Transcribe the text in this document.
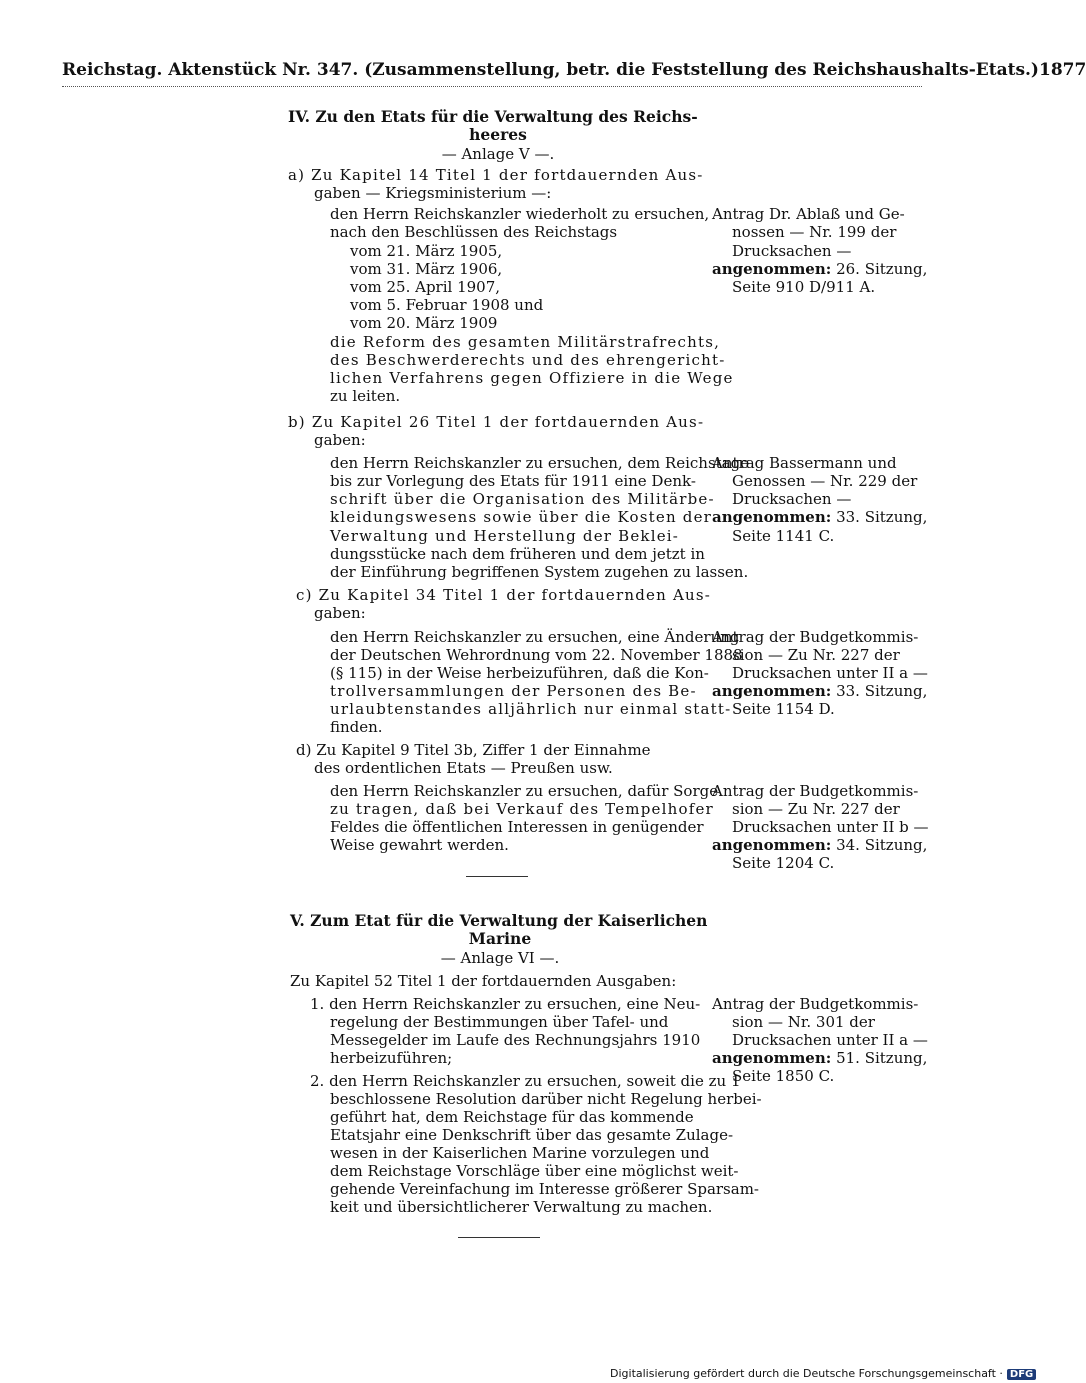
Reichstag. Aktenstück Nr. 347. (Zusammenstellung, betr. die Feststellung des Reichshaushalts-Etats.) 1877
IV. Zu den Etats für die Verwaltung des Reichs-
heeres
— Anlage V —.
a) Zu Kapitel 14 Titel 1 der fortdauernden Aus-
gaben — Kriegsministerium —:
den Herrn Reichskanzler wiederholt zu ersuchen,
nach den Beschlüssen des Reichstags
vom 21. März 1905,
vom 31. März 1906,
vom 25. April 1907,
vom 5. Februar 1908 und
vom 20. März 1909
die Reform des gesamten Militärstrafrechts,
des Beschwerderechts und des ehrengericht-
lichen Verfahrens gegen Offiziere in die Wege
zu leiten.
Antrag Dr. Ablaß und Ge-
nossen — Nr. 199 der
Drucksachen —
angenommen: 26. Sitzung,
Seite 910 D/911 A.
b) Zu Kapitel 26 Titel 1 der fortdauernden Aus-
gaben:
den Herrn Reichskanzler zu ersuchen, dem Reichstage
bis zur Vorlegung des Etats für 1911 eine Denk-
schrift über die Organisation des Militärbe-
kleidungswesens sowie über die Kosten der
Verwaltung und Herstellung der Beklei-
dungsstücke nach dem früheren und dem jetzt in
der Einführung begriffenen System zugehen zu lassen.
Antrag Bassermann und
Genossen — Nr. 229 der
Drucksachen —
angenommen: 33. Sitzung,
Seite 1141 C.
c) Zu Kapitel 34 Titel 1 der fortdauernden Aus-
gaben:
den Herrn Reichskanzler zu ersuchen, eine Änderung
der Deutschen Wehrordnung vom 22. November 1888
(§ 115) in der Weise herbeizuführen, daß die Kon-
trollversammlungen der Personen des Be-
urlaubtenstandes alljährlich nur einmal statt-
finden.
Antrag der Budgetkommis-
sion — Zu Nr. 227 der
Drucksachen unter II a —
angenommen: 33. Sitzung,
Seite 1154 D.
d) Zu Kapitel 9 Titel 3b, Ziffer 1 der Einnahme
des ordentlichen Etats — Preußen usw.
den Herrn Reichskanzler zu ersuchen, dafür Sorge
zu tragen, daß bei Verkauf des Tempelhofer
Feldes die öffentlichen Interessen in genügender
Weise gewahrt werden.
Antrag der Budgetkommis-
sion — Zu Nr. 227 der
Drucksachen unter II b —
angenommen: 34. Sitzung,
Seite 1204 C.
V. Zum Etat für die Verwaltung der Kaiserlichen
Marine
— Anlage VI —.
Zu Kapitel 52 Titel 1 der fortdauernden Ausgaben:
1. den Herrn Reichskanzler zu ersuchen, eine Neu-
regelung der Bestimmungen über Tafel- und
Messegelder im Laufe des Rechnungsjahrs 1910
herbeizuführen;
2. den Herrn Reichskanzler zu ersuchen, soweit die zu 1
beschlossene Resolution darüber nicht Regelung herbei-
geführt hat, dem Reichstage für das kommende
Etatsjahr eine Denkschrift über das gesamte Zulage-
wesen in der Kaiserlichen Marine vorzulegen und
dem Reichstage Vorschläge über eine möglichst weit-
gehende Vereinfachung im Interesse größerer Sparsam-
keit und übersichtlicherer Verwaltung zu machen.
Antrag der Budgetkommis-
sion — Nr. 301 der
Drucksachen unter II a —
angenommen: 51. Sitzung,
Seite 1850 C.
Digitalisierung gefördert durch die Deutsche Forschungsgemeinschaft · DFG
